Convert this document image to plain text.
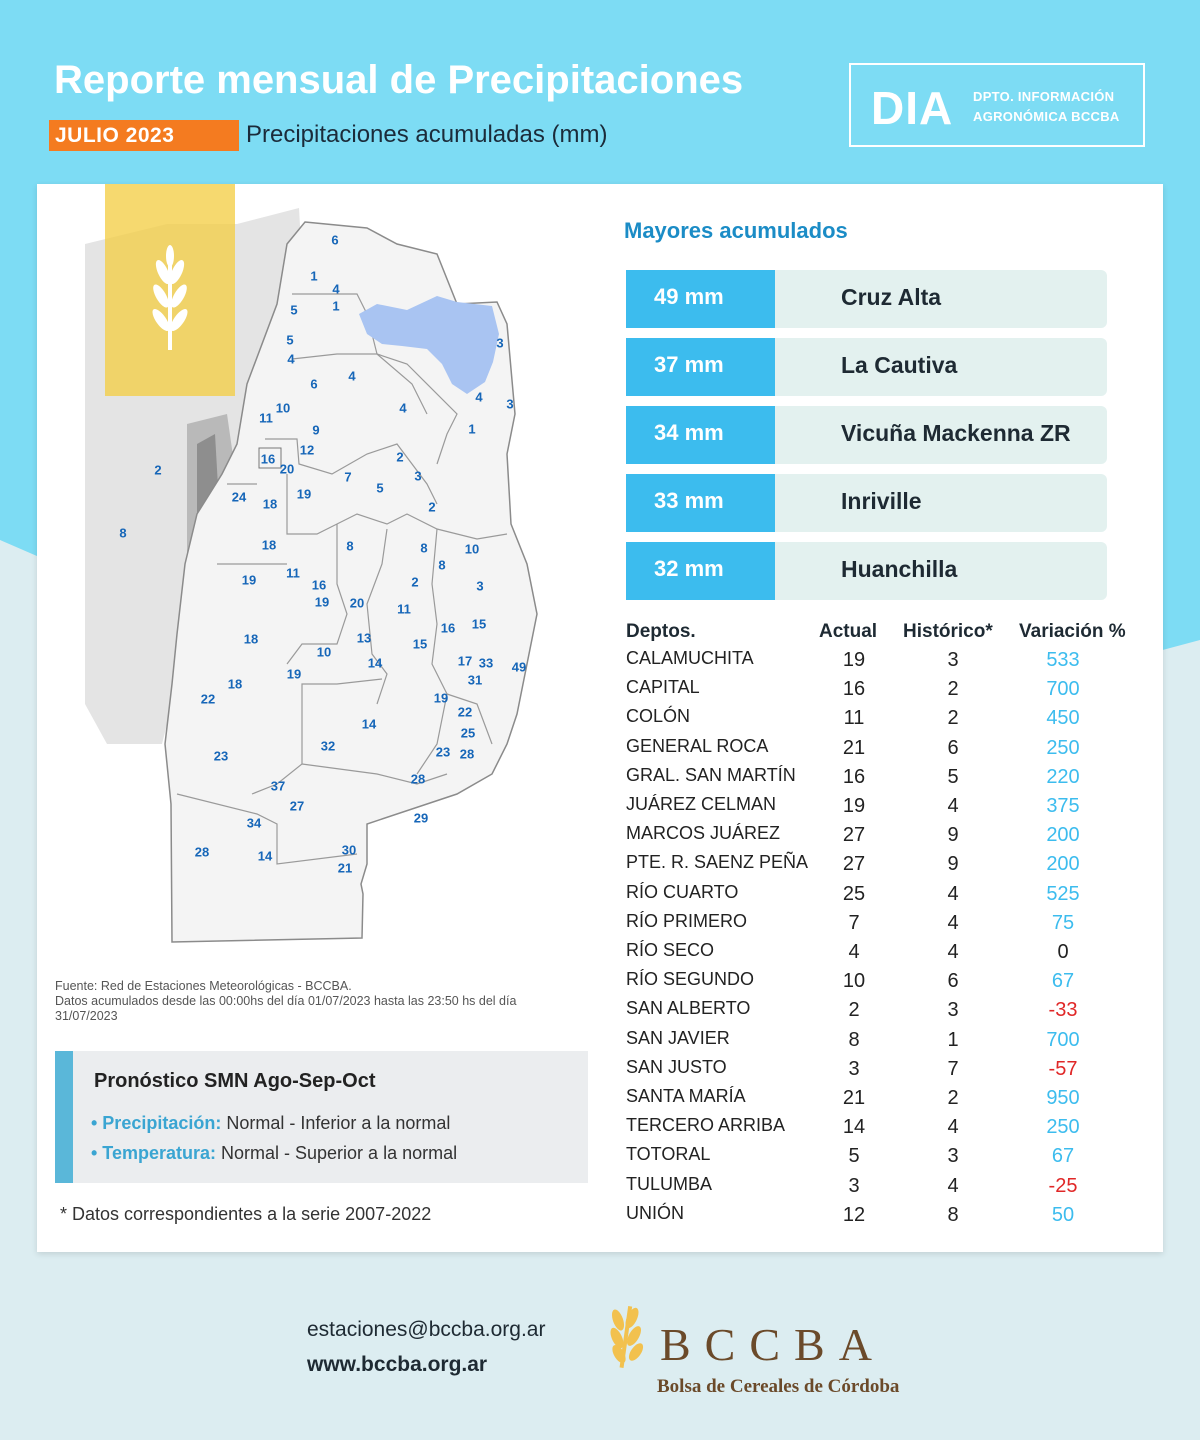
Reporte mensual de Precipitaciones
JULIO 2023	Precipitaciones acumuladas (mm)
DIA DPTO. INFORMACIÓN
AGRONÓMICA BCCBA
6
1
4
1
5
5
4
3
6
4
10
11
4
4 3
9	1
12
16
20
2
2	7	3
5
19
24 18	2
8
18	8	8	10
8
11
19	2
16	3
19 20	11
16 15
18	13	15
10
14	17 33 49
19	31
18
22	19
22
14
25
32	23 28
23
28
37
27
29
34
28	14	30
21
Fuente: Red de Estaciones Meteorológicas - BCCBA.
Datos acumulados desde las 00:00hs del día 01/07/2023 hasta las 23:50 hs del día 31/07/2023
Pronóstico SMN Ago-Sep-Oct
• Precipitación: Normal - Inferior a la normal
• Temperatura: Normal - Superior a la normal
* Datos correspondientes a la serie 2007-2022
Mayores acumulados
49 mm	Cruz Alta
37 mm	La Cautiva
34 mm	Vicuña Mackenna ZR
33 mm	Inriville
32 mm	Huanchilla
Deptos.	Actual Histórico* Variación %
CALAMUCHITA	19	3	533
CAPITAL	16	2	700
COLÓN	11	2	450
GENERAL ROCA	21	6	250
GRAL. SAN MARTÍN 16	5	220
JUÁREZ CELMAN	19	4	375
MARCOS JUÁREZ	27	9	200
PTE. R. SAENZ PEÑA 27	9	200
RÍO CUARTO	25	4	525
RÍO PRIMERO	7	4	75
RÍO SECO	4	4	0
RÍO SEGUNDO	10	6	67
SAN ALBERTO	2	3	-33
SAN JAVIER	8	1	700
SAN JUSTO	3	7	-57
SANTA MARÍA	21	2	950
TERCERO ARRIBA	14	4	250
TOTORAL	5	3	67
TULUMBA	3	4	-25
UNIÓN	12	8	50
estaciones@bccba.org.ar
www.bccba.org.ar	BCCBA
Bolsa de Cereales de Córdoba
